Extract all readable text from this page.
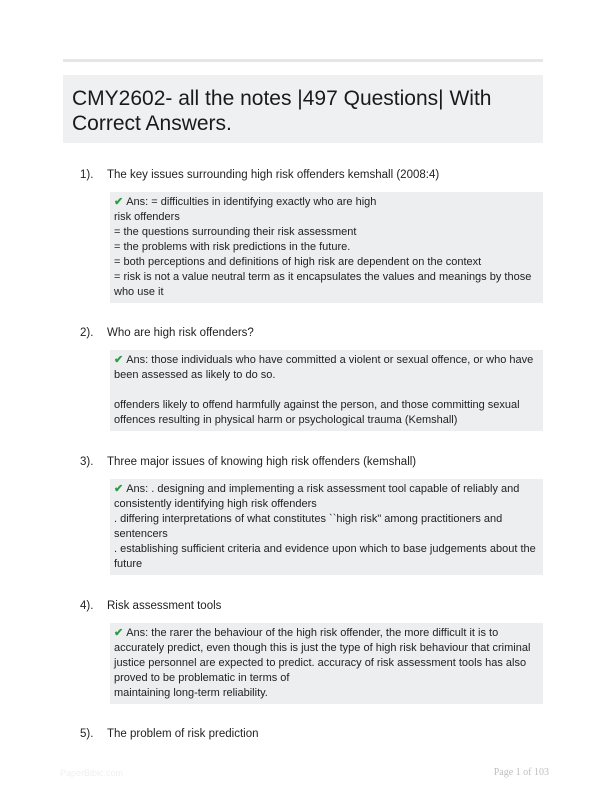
CMY2602- all the notes |497 Questions| With
Correct Answers.
1).	The key issues surrounding high risk offenders kemshall (2008:4)
✔ Ans: = difficulties in identifying exactly who are high
risk offenders
= the questions surrounding their risk assessment
= the problems with risk predictions in the future.
= both perceptions and definitions of high risk are dependent on the context
= risk is not a value neutral term as it encapsulates the values and meanings by those who use it
2).	Who are high risk offenders?
✔ Ans: those individuals who have committed a violent or sexual offence, or who have been assessed as likely to do so.
offenders likely to offend harmfully against the person, and those committing sexual offences resulting in physical harm or psychological trauma (Kemshall)
3).	Three major issues of knowing high risk offenders (kemshall)
✔ Ans: . designing and implementing a risk assessment tool capable of reliably and consistently identifying high risk offenders
. differing interpretations of what constitutes ``high risk" among practitioners and sentencers
. establishing sufficient criteria and evidence upon which to base judgements about the future
4).	Risk assessment tools
✔ Ans: the rarer the behaviour of the high risk offender, the more difficult it is to accurately predict, even though this is just the type of high risk behaviour that criminal justice personnel are expected to predict. accuracy of risk assessment tools has also proved to be problematic in terms of
maintaining long-term reliability.
5).	The problem of risk prediction
PaperBibic.com	Page 1 of 103
